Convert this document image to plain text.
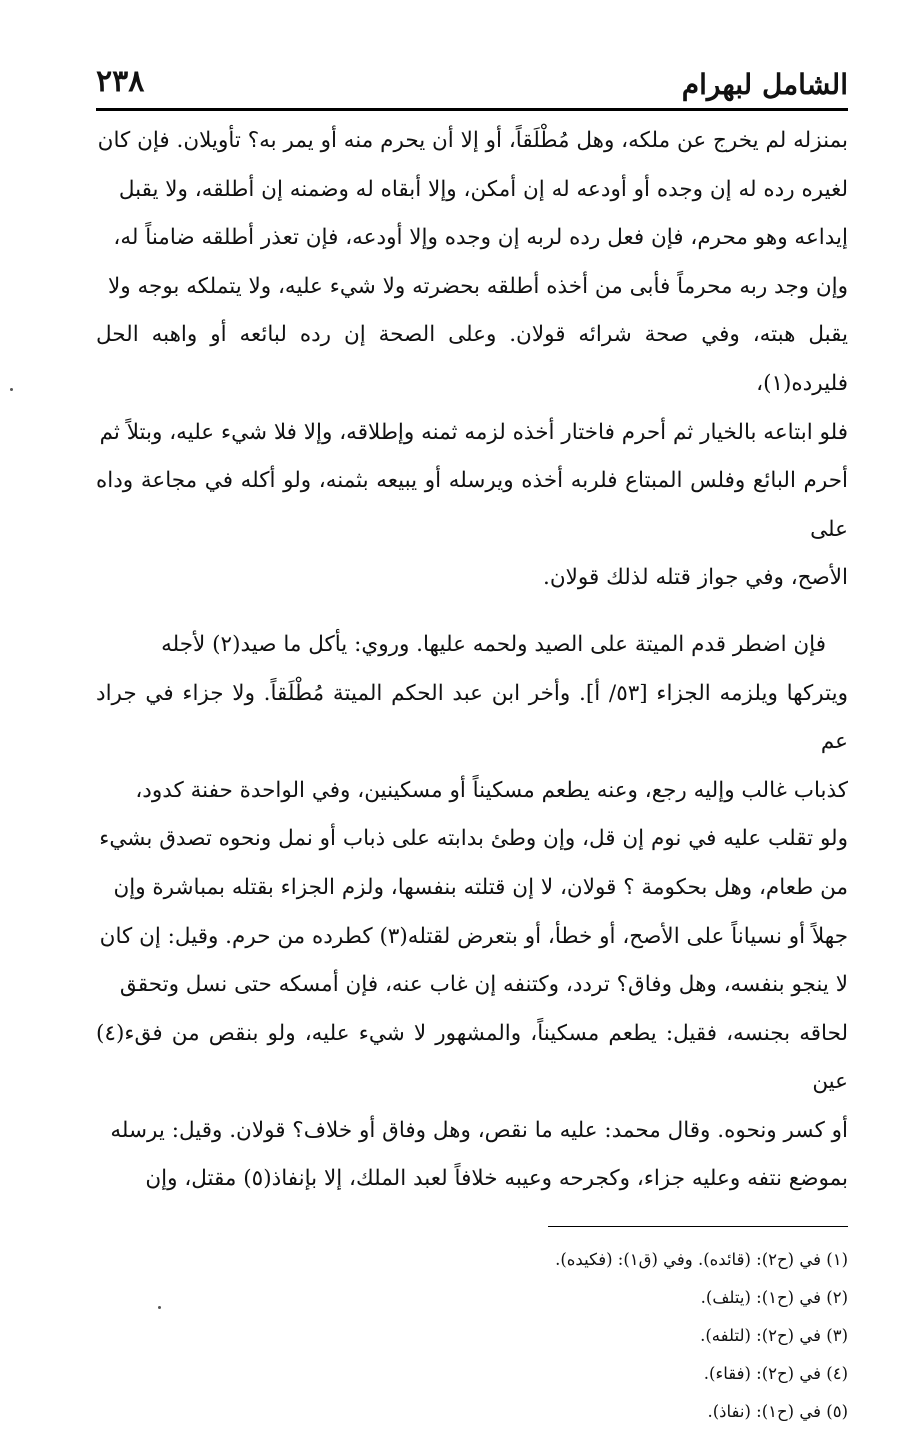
الشامل لبهرام
٢٣٨

بمنزله لم يخرج عن ملكه، وهل مُطْلَقاً، أو إلا أن يحرم منه أو يمر به؟ تأويلان. فإن كان

لغيره رده له إن وجده أو أودعه له إن أمكن، وإلا أبقاه له وضمنه إن أطلقه، ولا يقبل

إيداعه وهو محرم، فإن فعل رده لربه إن وجده وإلا أودعه، فإن تعذر أطلقه ضامناً له،

وإن وجد ربه محرماً فأبى من أخذه أطلقه بحضرته ولا شيء عليه، ولا يتملكه بوجه ولا

يقبل هبته، وفي صحة شرائه قولان. وعلى الصحة إن رده لبائعه أو واهبه الحل فليرده(١)،

فلو ابتاعه بالخيار ثم أحرم فاختار أخذه لزمه ثمنه وإطلاقه، وإلا فلا شيء عليه، وبتلاً ثم

أحرم البائع وفلس المبتاع فلربه أخذه ويرسله أو يبيعه بثمنه، ولو أكله في مجاعة وداه على

الأصح، وفي جواز قتله لذلك قولان.

فإن اضطر قدم الميتة على الصيد ولحمه عليها. وروي: يأكل ما صيد(٢) لأجله

ويتركها ويلزمه الجزاء [٥٣/ أ]. وأخر ابن عبد الحكم الميتة مُطْلَقاً. ولا جزاء في جراد عم

كذباب غالب وإليه رجع، وعنه يطعم مسكيناً أو مسكينين، وفي الواحدة حفنة كدود،

ولو تقلب عليه في نوم إن قل، وإن وطئ بدابته على ذباب أو نمل ونحوه تصدق بشيء

من طعام، وهل بحكومة ؟ قولان، لا إن قتلته بنفسها، ولزم الجزاء بقتله بمباشرة وإن

جهلاً أو نسياناً على الأصح، أو خطأ، أو بتعرض لقتله(٣) كطرده من حرم. وقيل: إن كان

لا ينجو بنفسه، وهل وفاق؟ تردد، وكتنفه إن غاب عنه، فإن أمسكه حتى نسل وتحقق

لحاقه بجنسه، فقيل: يطعم مسكيناً، والمشهور لا شيء عليه، ولو بنقص من فقء(٤) عين

أو كسر ونحوه. وقال محمد: عليه ما نقص، وهل وفاق أو خلاف؟ قولان. وقيل: يرسله

بموضع نتفه وعليه جزاء، وكجرحه وعيبه خلافاً لعبد الملك، إلا بإنفاذ(٥) مقتل، وإن

(١) في (ح٢): (قائده). وفي (ق١): (فكيده).
(٢) في (ح١): (يتلف).
(٣) في (ح٢): (لتلفه).
(٤) في (ح٢): (فقاء).
(٥) في (ح١): (نفاذ).
